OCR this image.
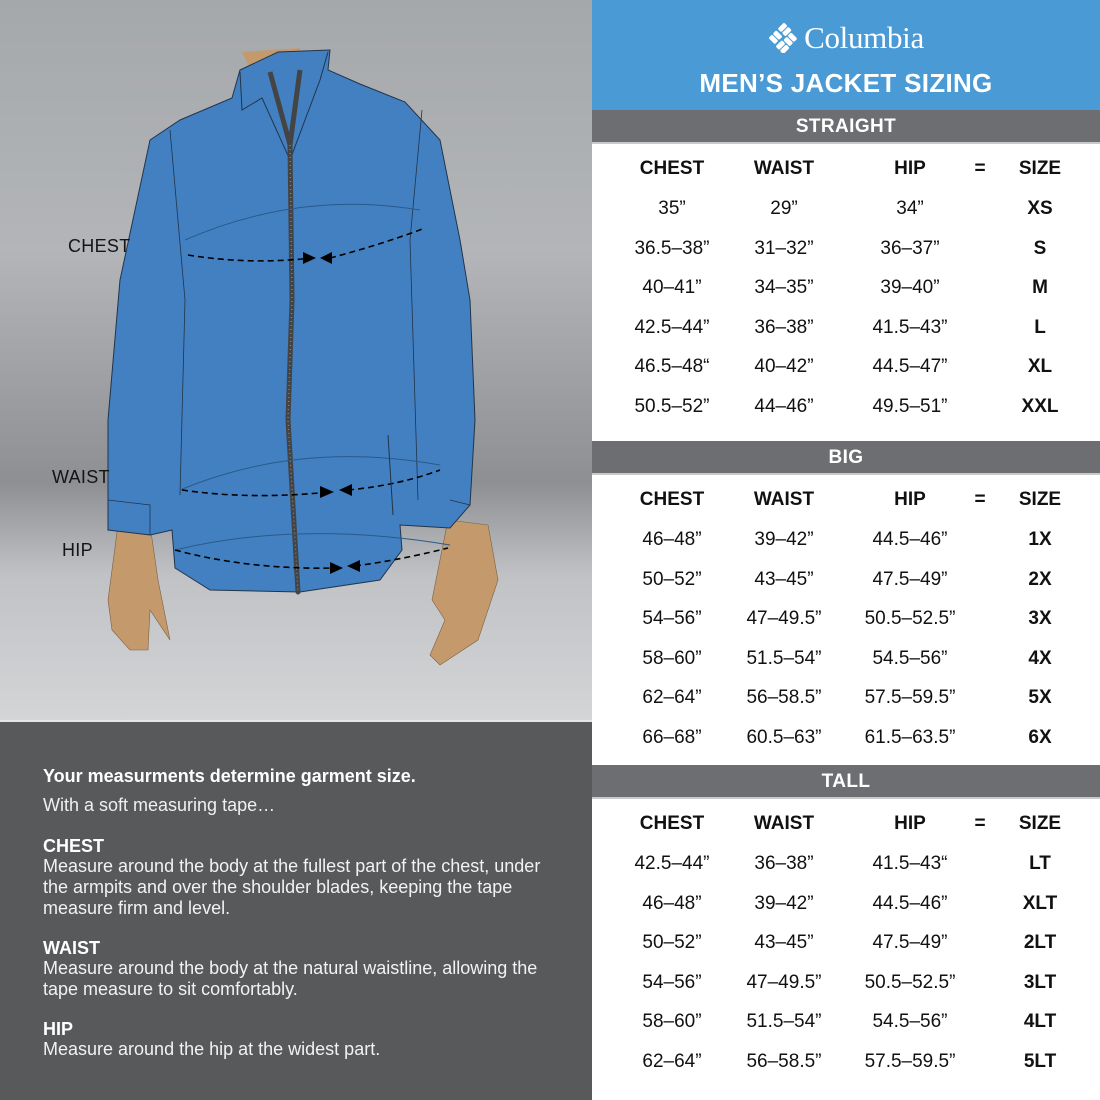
CHEST
WAIST
HIP
Your measurments determine garment size.
With a soft measuring tape…
CHEST
Measure around the body at the fullest part of the chest, under the armpits and over the shoulder blades, keeping the tape measure firm and level.
WAIST
Measure around the body at the natural waistline, allowing the tape measure to sit comfortably.
HIP
Measure around the hip at the widest part.
Columbia
MEN’S JACKET SIZING
STRAIGHT
CHEST	WAIST	HIP	=	SIZE
35”	29”	34”	XS
36.5–38”	31–32”	36–37”	S
40–41”	34–35”	39–40”	M
42.5–44”	36–38”	41.5–43”	L
46.5–48“	40–42”	44.5–47”	XL
50.5–52”	44–46”	49.5–51”	XXL
BIG
CHEST	WAIST	HIP	=	SIZE
46–48”	39–42”	44.5–46”	1X
50–52”	43–45”	47.5–49”	2X
54–56”	47–49.5”	50.5–52.5”	3X
58–60”	51.5–54”	54.5–56”	4X
62–64”	56–58.5”	57.5–59.5”	5X
66–68”	60.5–63”	61.5–63.5”	6X
TALL
CHEST	WAIST	HIP	=	SIZE
42.5–44”	36–38”	41.5–43“	LT
46–48”	39–42”	44.5–46”	XLT
50–52”	43–45”	47.5–49”	2LT
54–56”	47–49.5”	50.5–52.5”	3LT
58–60”	51.5–54”	54.5–56”	4LT
62–64”	56–58.5”	57.5–59.5”	5LT
